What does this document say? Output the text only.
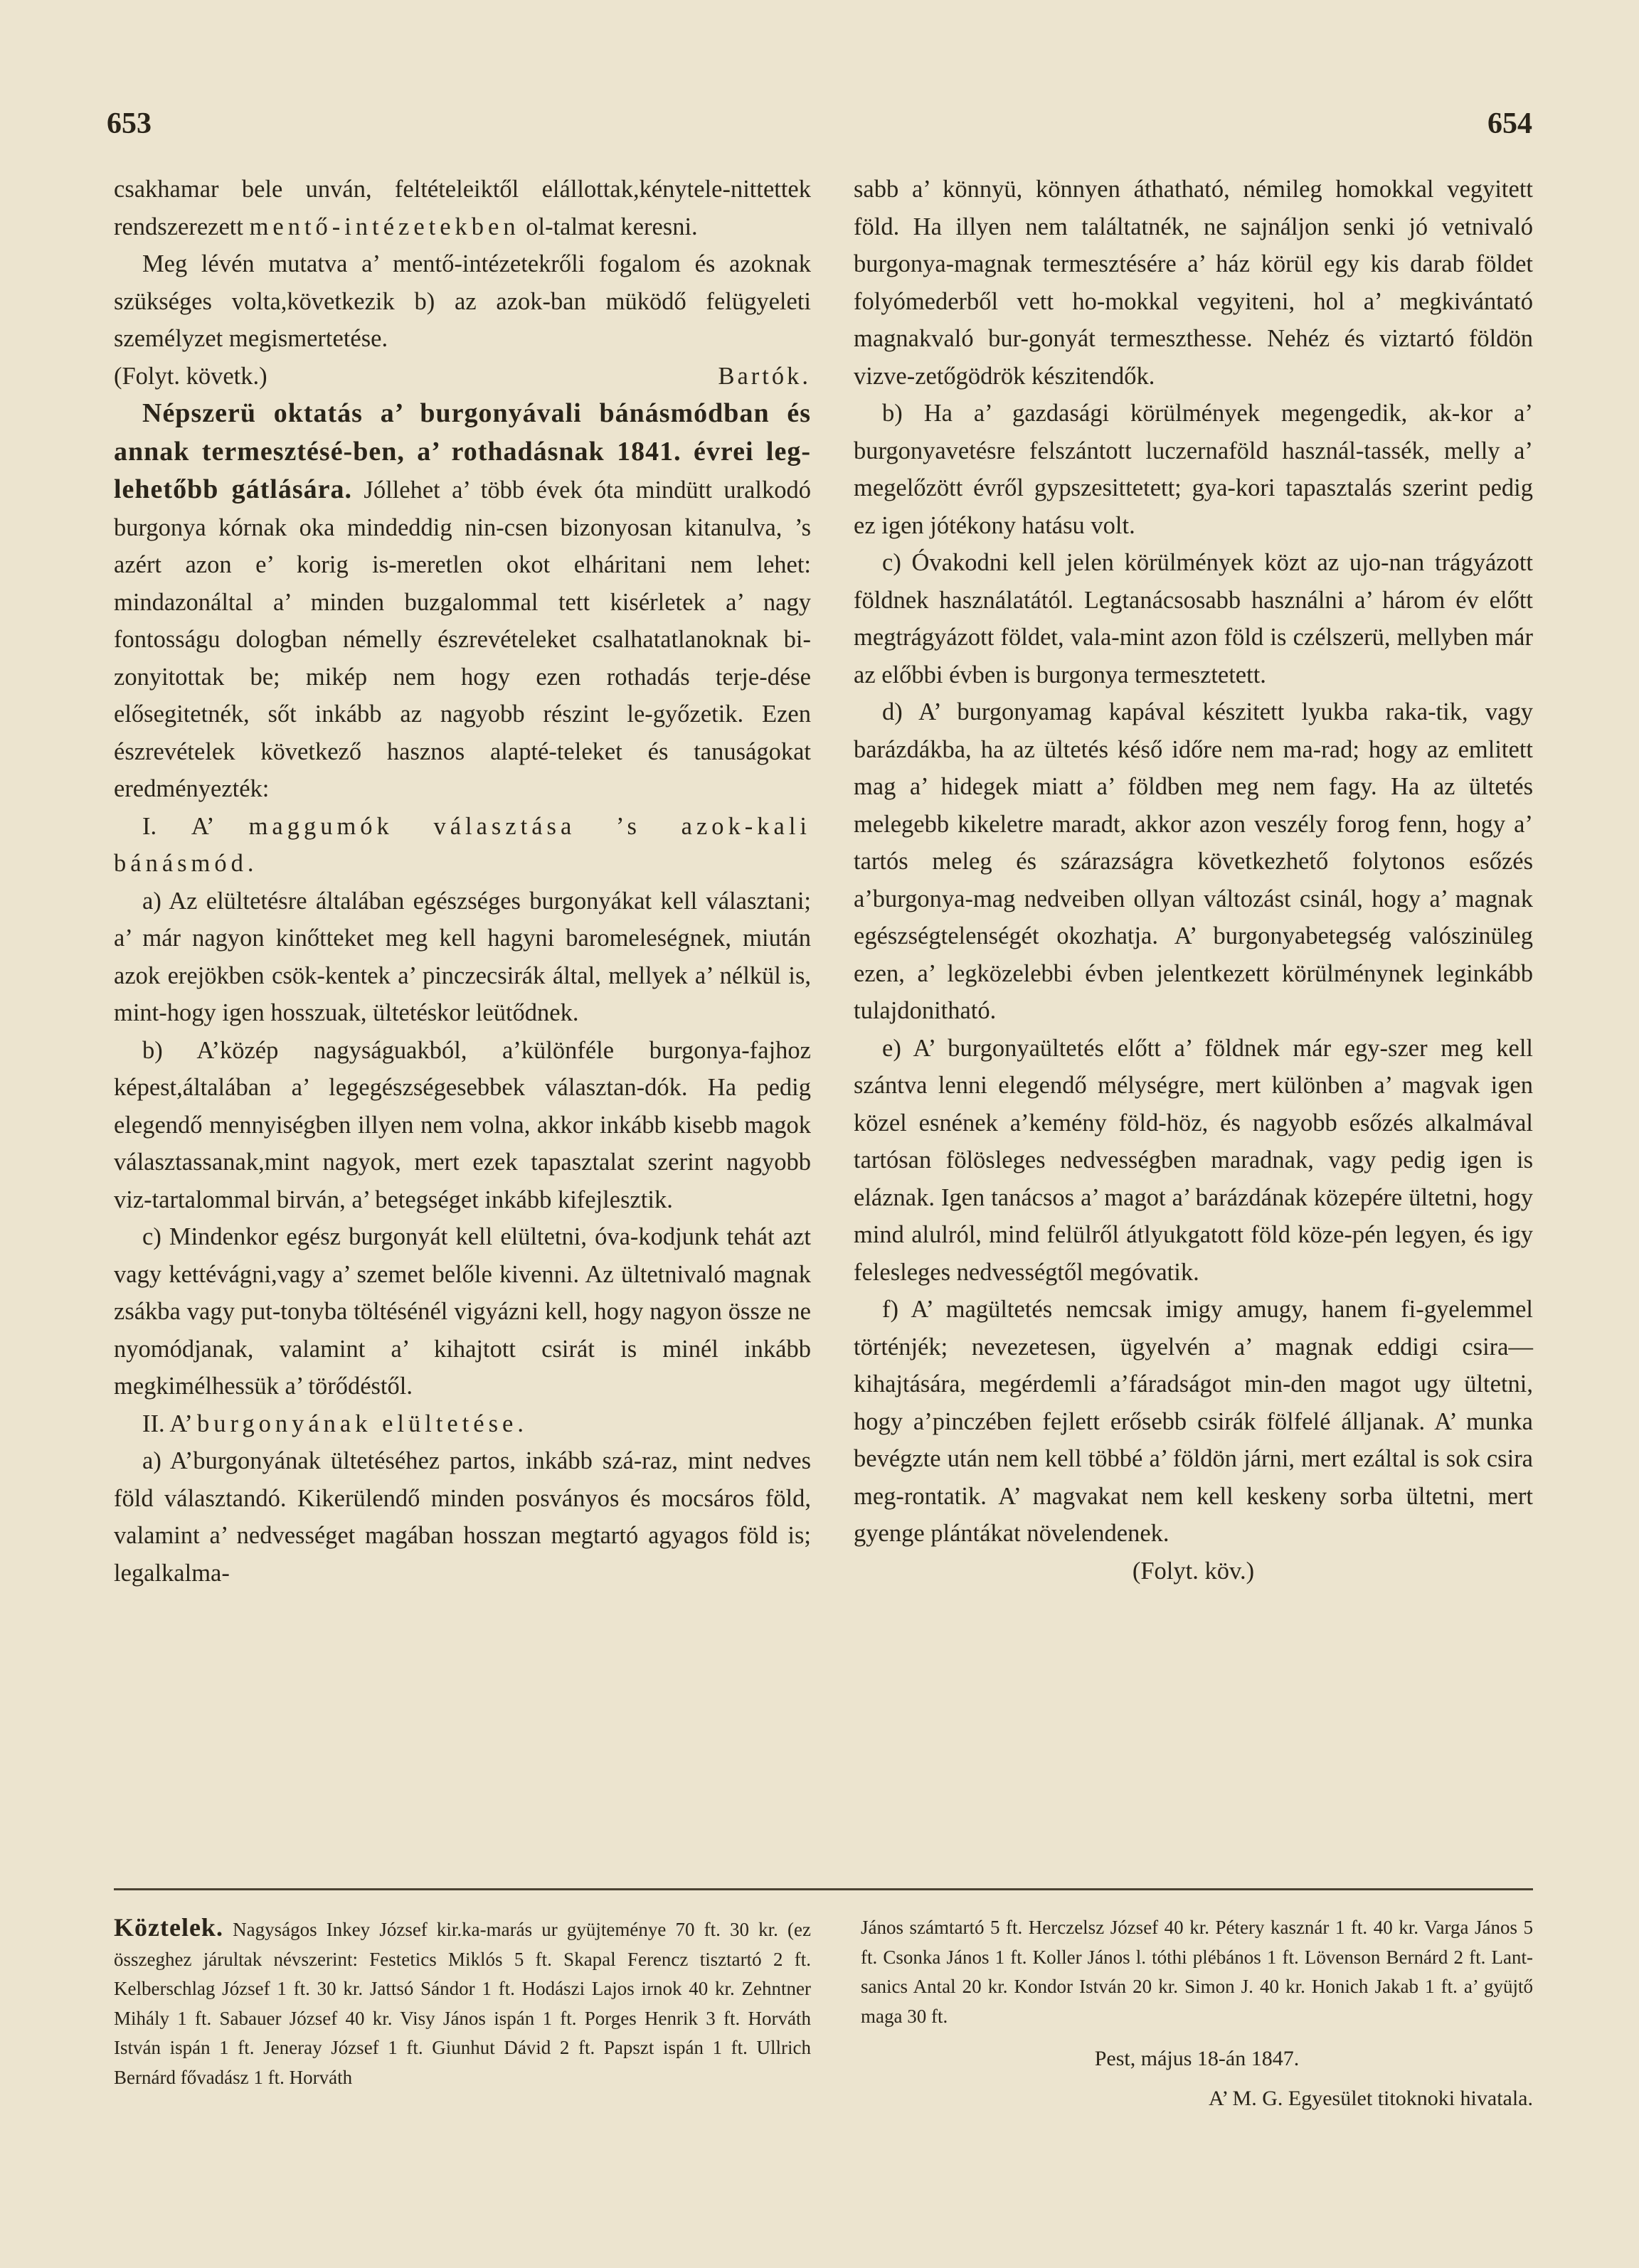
653	654

csakhamar bele unván, feltételeiktől elállottak,kénytele-nittettek rendszerezett mentő-intézetekben ol-talmat keresni.

Meg lévén mutatva a’ mentő-intézetekrőli fogalom és azoknak szükséges volta,következik b) az azok-ban müködő felügyeleti személyzet megismertetése.

(Folyt. követk.)	Bartók.

Népszerü oktatás a’ burgonyávali bánásmódban és annak termesztésé-ben, a’ rothadásnak 1841. évrei leg-lehetőbb gátlására. Jóllehet a’ több évek óta mindütt uralkodó burgonya kórnak oka mindeddig nin-csen bizonyosan kitanulva, ’s azért azon e’ korig is-meretlen okot elháritani nem lehet: mindazonáltal a’ minden buzgalommal tett kisérletek a’ nagy fontosságu dologban némelly észrevételeket csalhatatlanoknak bi-zonyitottak be; mikép nem hogy ezen rothadás terje-dése elősegitetnék, sőt inkább az nagyobb részint le-győzetik. Ezen észrevételek következő hasznos alapté-teleket és tanuságokat eredményezték:

I. A’ maggumók választása ’s azok-kali bánásmód.

a) Az elültetésre általában egészséges burgonyákat kell választani; a’ már nagyon kinőtteket meg kell hagyni baromeleségnek, miután azok erejökben csök-kentek a’ pinczecsirák által, mellyek a’ nélkül is, mint-hogy igen hosszuak, ültetéskor leütődnek.

b) A’közép nagyságuakból, a’különféle burgonya-fajhoz képest,általában a’ legegészségesebbek választan-dók. Ha pedig elegendő mennyiségben illyen nem volna, akkor inkább kisebb magok választassanak,mint nagyok, mert ezek tapasztalat szerint nagyobb viz-tartalommal birván, a’ betegséget inkább kifejlesztik.

c) Mindenkor egész burgonyát kell elültetni, óva-kodjunk tehát azt vagy kettévágni,vagy a’ szemet belőle kivenni. Az ültetnivaló magnak zsákba vagy put-tonyba töltésénél vigyázni kell, hogy nagyon össze ne nyomódjanak, valamint a’ kihajtott csirát is minél inkább megkimélhessük a’ törődéstől.

II. A’ burgonyának elültetése.

a) A’burgonyának ültetéséhez partos, inkább szá-raz, mint nedves föld választandó. Kikerülendő minden posványos és mocsáros föld, valamint a’ nedvességet magában hosszan megtartó agyagos föld is; legalkalma-

sabb a’ könnyü, könnyen áthatható, némileg homokkal vegyitett föld. Ha illyen nem találtatnék, ne sajnáljon senki jó vetnivaló burgonya-magnak termesztésére a’ ház körül egy kis darab földet folyómederből vett ho-mokkal vegyiteni, hol a’ megkivántató magnakvaló bur-gonyát termeszthesse. Nehéz és viztartó földön vizve-zetőgödrök készitendők.

b) Ha a’ gazdasági körülmények megengedik, ak-kor a’ burgonyavetésre felszántott luczernaföld használ-tassék, melly a’ megelőzött évről gypszesittetett; gya-kori tapasztalás szerint pedig ez igen jótékony hatásu volt.

c) Óvakodni kell jelen körülmények közt az ujo-nan trágyázott földnek használatától. Legtanácsosabb használni a’ három év előtt megtrágyázott földet, vala-mint azon föld is czélszerü, mellyben már az előbbi évben is burgonya termesztetett.

d) A’ burgonyamag kapával készitett lyukba raka-tik, vagy barázdákba, ha az ültetés késő időre nem ma-rad; hogy az emlitett mag a’ hidegek miatt a’ földben meg nem fagy. Ha az ültetés melegebb kikeletre maradt, akkor azon veszély forog fenn, hogy a’ tartós meleg és szárazságra következhető folytonos esőzés a’burgonya-mag nedveiben ollyan változást csinál, hogy a’ magnak egészségtelenségét okozhatja. A’ burgonyabetegség valószinüleg ezen, a’ legközelebbi évben jelentkezett körülménynek leginkább tulajdonitható.

e) A’ burgonyaültetés előtt a’ földnek már egy-szer meg kell szántva lenni elegendő mélységre, mert különben a’ magvak igen közel esnének a’kemény föld-höz, és nagyobb esőzés alkalmával tartósan fölösleges nedvességben maradnak, vagy pedig igen is eláznak. Igen tanácsos a’ magot a’ barázdának közepére ültetni, hogy mind alulról, mind felülről átlyukgatott föld köze-pén legyen, és igy felesleges nedvességtől megóvatik.

f) A’ magültetés nemcsak imigy amugy, hanem fi-gyelemmel történjék; nevezetesen, ügyelvén a’ magnak eddigi csira—kihajtására, megérdemli a’fáradságot min-den magot ugy ültetni, hogy a’pinczében fejlett erősebb csirák fölfelé álljanak. A’ munka bevégzte után nem kell többé a’ földön járni, mert ezáltal is sok csira meg-rontatik. A’ magvakat nem kell keskeny sorba ültetni, mert gyenge plántákat növelendenek.

(Folyt. köv.)

Köztelek. Nagyságos Inkey József kir.ka-marás ur gyüjteménye 70 ft. 30 kr. (ez összeghez járultak névszerint: Festetics Miklós 5 ft. Skapal Ferencz tisztartó 2 ft. Kelberschlag József 1 ft. 30 kr. Jattsó Sándor 1 ft. Hodászi Lajos irnok 40 kr. Zehntner Mihály 1 ft. Sabauer József 40 kr. Visy János ispán 1 ft. Porges Henrik 3 ft. Horváth István ispán 1 ft. Jeneray József 1 ft. Giunhut Dávid 2 ft. Papszt ispán 1 ft. Ullrich Bernárd fővadász 1 ft. Horváth

János számtartó 5 ft. Herczelsz József 40 kr. Pétery kasznár 1 ft. 40 kr. Varga János 5 ft. Csonka János 1 ft. Koller János l. tóthi plébános 1 ft. Lövenson Bernárd 2 ft. Lant-sanics Antal 20 kr. Kondor István 20 kr. Simon J. 40 kr. Honich Jakab 1 ft. a’ gyüjtő maga 30 ft.

Pest, május 18-án 1847.

A’ M. G. Egyesület titoknoki hivatala.
